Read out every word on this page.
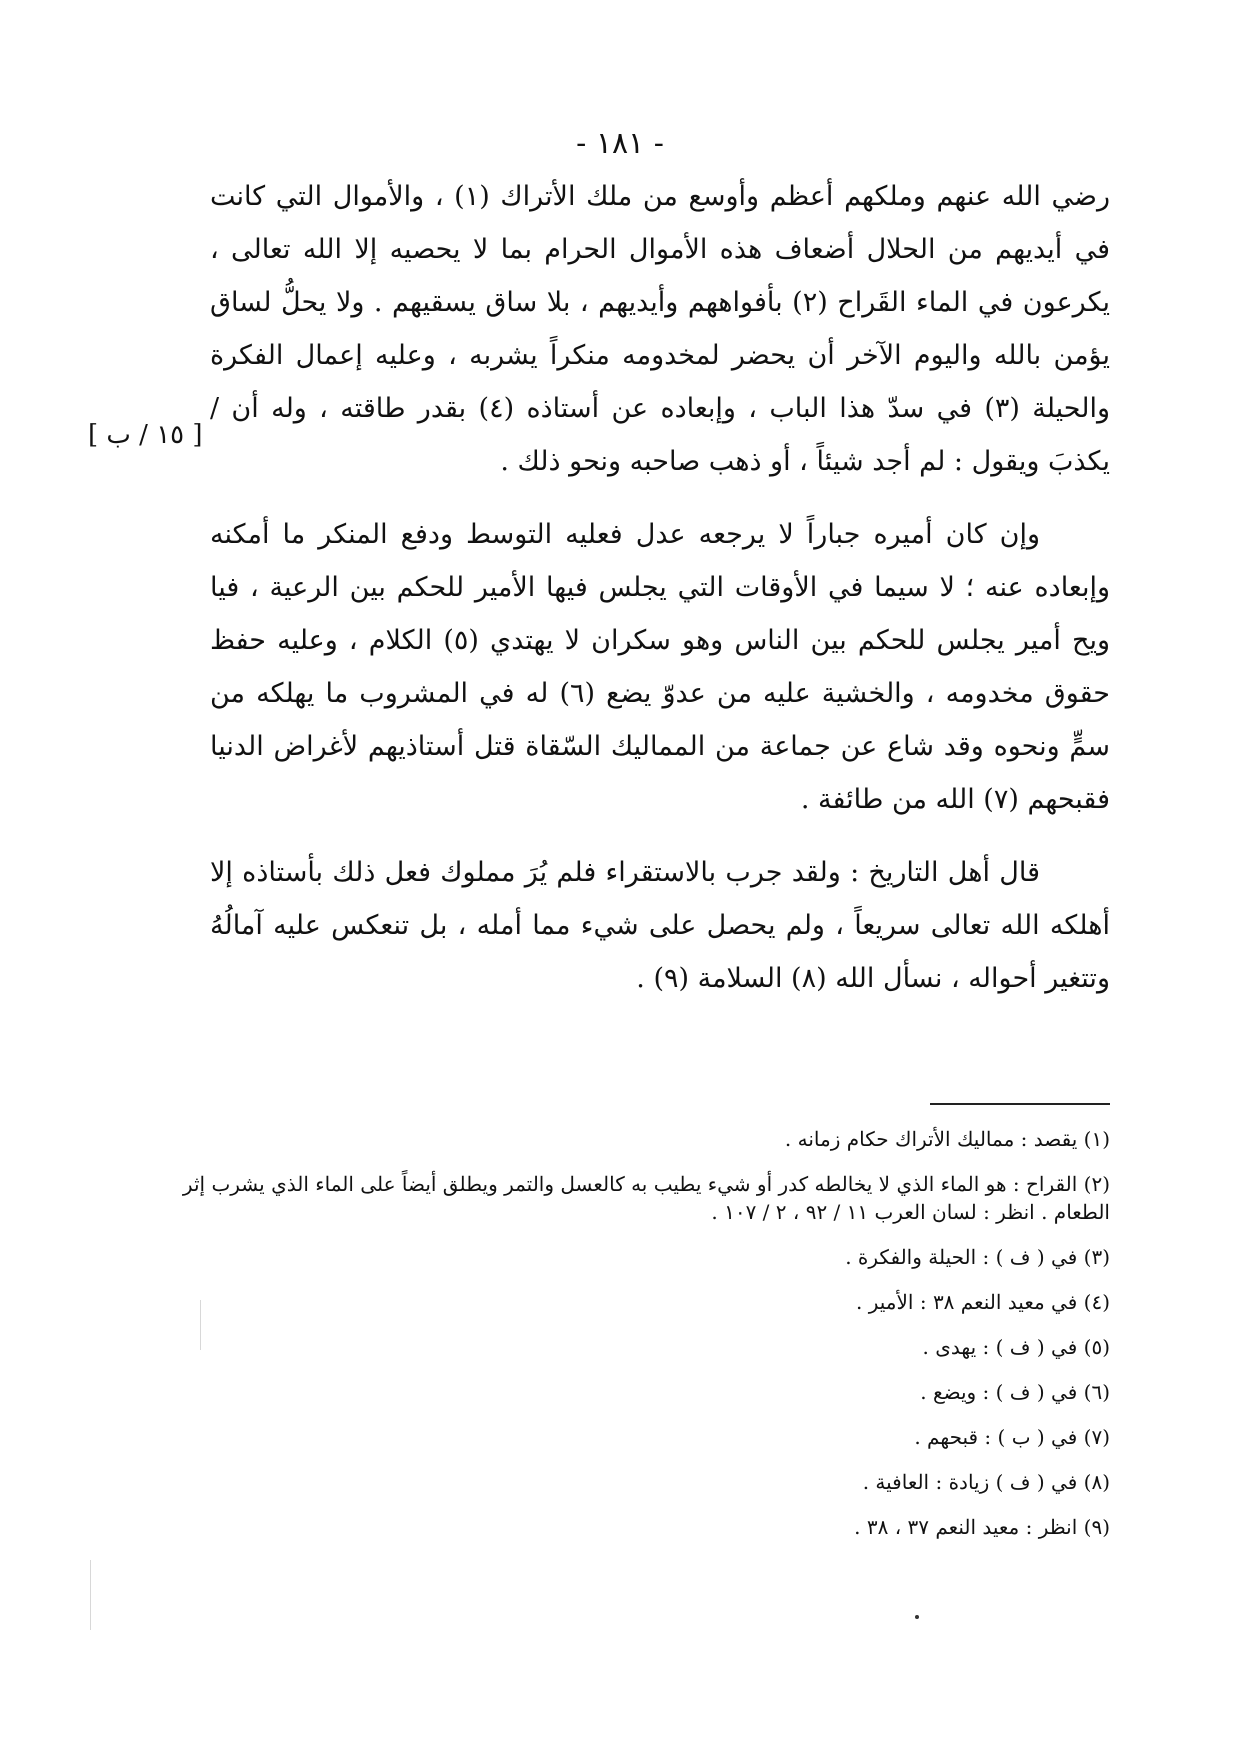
- ١٨١ -
[ ١٥ / ب ]

رضي الله عنهم وملكهم أعظم وأوسع من ملك الأتراك (١) ، والأموال التي كانت في أيديهم من الحلال أضعاف هذه الأموال الحرام بما لا يحصيه إلا الله تعالى ، يكرعون في الماء القَراح (٢) بأفواههم وأيديهم ، بلا ساق يسقيهم . ولا يحلُّ لساق يؤمن بالله واليوم الآخر أن يحضر لمخدومه منكراً يشربه ، وعليه إعمال الفكرة والحيلة (٣) في سدّ هذا الباب ، وإبعاده عن أستاذه (٤) بقدر طاقته ، وله أن / يكذبَ ويقول : لم أجد شيئاً ، أو ذهب صاحبه ونحو ذلك .

وإن كان أميره جباراً لا يرجعه عدل فعليه التوسط ودفع المنكر ما أمكنه وإبعاده عنه ؛ لا سيما في الأوقات التي يجلس فيها الأمير للحكم بين الرعية ، فيا ويح أمير يجلس للحكم بين الناس وهو سكران لا يهتدي (٥) الكلام ، وعليه حفظ حقوق مخدومه ، والخشية عليه من عدوّ يضع (٦) له في المشروب ما يهلكه من سمٍّ ونحوه وقد شاع عن جماعة من المماليك السّقاة قتل أستاذيهم لأغراض الدنيا فقبحهم (٧) الله من طائفة .

قال أهل التاريخ : ولقد جرب بالاستقراء فلم يُرَ مملوك فعل ذلك بأستاذه إلا أهلكه الله تعالى سريعاً ، ولم يحصل على شيء مما أمله ، بل تنعكس عليه آمالُهُ وتتغير أحواله ، نسأل الله (٨) السلامة (٩) .

(١) يقصد : مماليك الأتراك حكام زمانه .
(٢) القراح : هو الماء الذي لا يخالطه كدر أو شيء يطيب به كالعسل والتمر ويطلق أيضاً على الماء الذي يشرب إثر الطعام . انظر : لسان العرب ١١ / ٩٢ ، ٢ / ١٠٧ .
(٣) في ( ف ) : الحيلة والفكرة .
(٤) في معيد النعم ٣٨ : الأمير .
(٥) في ( ف ) : يهدى .
(٦) في ( ف ) : ويضع .
(٧) في ( ب ) : قبحهم .
(٨) في ( ف ) زيادة : العافية .
(٩) انظر : معيد النعم ٣٧ ، ٣٨ .
